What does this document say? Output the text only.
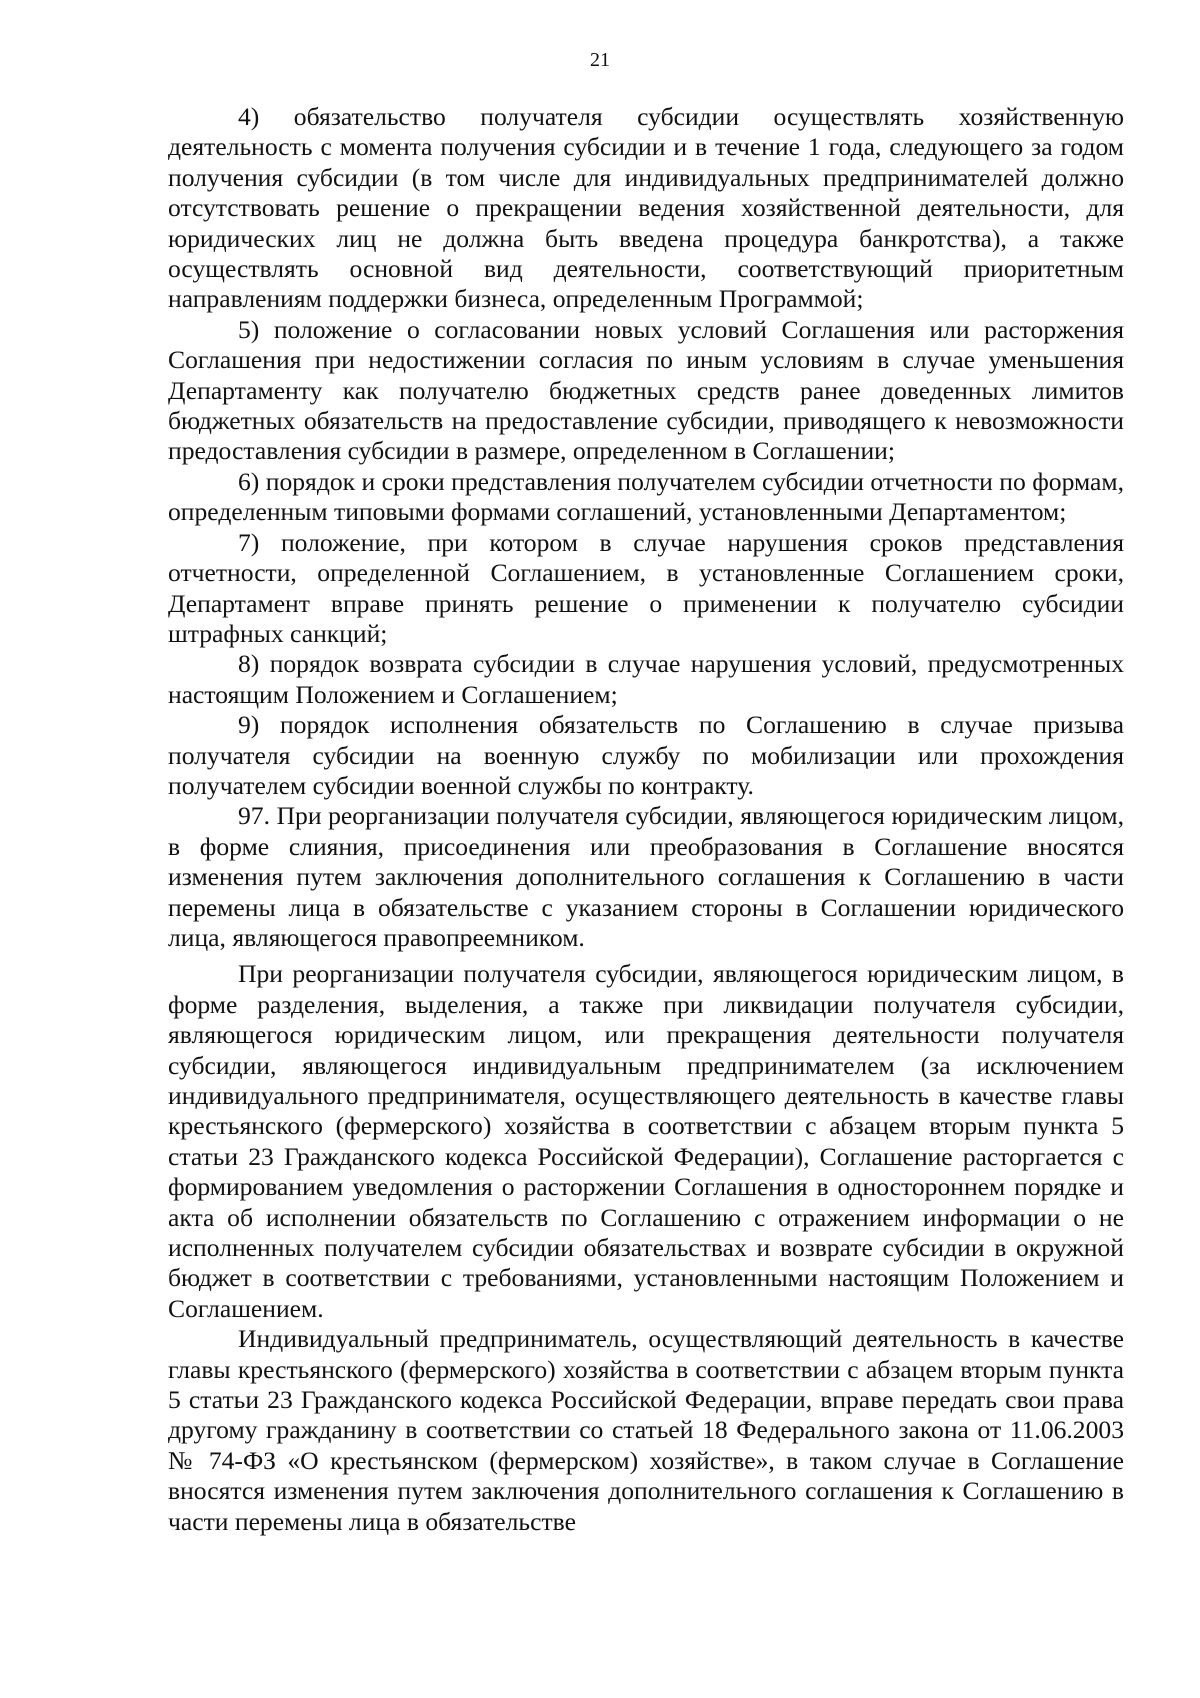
21

4) обязательство получателя субсидии осуществлять хозяйственную деятельность с момента получения субсидии и в течение 1 года, следующего за годом получения субсидии (в том числе для индивидуальных предпринимателей должно отсутствовать решение о прекращении ведения хозяйственной деятельности, для юридических лиц не должна быть введена процедура банкротства), а также осуществлять основной вид деятельности, соответствующий приоритетным направлениям поддержки бизнеса, определенным Программой;

5) положение о согласовании новых условий Соглашения или расторжения Соглашения при недостижении согласия по иным условиям в случае уменьшения Департаменту как получателю бюджетных средств ранее доведенных лимитов бюджетных обязательств на предоставление субсидии, приводящего к невозможности предоставления субсидии в размере, определенном в Соглашении;

6) порядок и сроки представления получателем субсидии отчетности по формам, определенным типовыми формами соглашений, установленными Департаментом;

7) положение, при котором в случае нарушения сроков представления отчетности, определенной Соглашением, в установленные Соглашением сроки, Департамент вправе принять решение о применении к получателю субсидии штрафных санкций;

8) порядок возврата субсидии в случае нарушения условий, предусмотренных настоящим Положением и Соглашением;

9) порядок исполнения обязательств по Соглашению в случае призыва получателя субсидии на военную службу по мобилизации или прохождения получателем субсидии военной службы по контракту.

97. При реорганизации получателя субсидии, являющегося юридическим лицом, в форме слияния, присоединения или преобразования в Соглашение вносятся изменения путем заключения дополнительного соглашения к Соглашению в части перемены лица в обязательстве с указанием стороны в Соглашении юридического лица, являющегося правопреемником.

При реорганизации получателя субсидии, являющегося юридическим лицом, в форме разделения, выделения, а также при ликвидации получателя субсидии, являющегося юридическим лицом, или прекращения деятельности получателя субсидии, являющегося индивидуальным предпринимателем (за исключением индивидуального предпринимателя, осуществляющего деятельность в качестве главы крестьянского (фермерского) хозяйства в соответствии с абзацем вторым пункта 5 статьи 23 Гражданского кодекса Российской Федерации), Соглашение расторгается с формированием уведомления о расторжении Соглашения в одностороннем порядке и акта об исполнении обязательств по Соглашению с отражением информации о не исполненных получателем субсидии обязательствах и возврате субсидии в окружной бюджет в соответствии с требованиями, установленными настоящим Положением и Соглашением.

Индивидуальный предприниматель, осуществляющий деятельность в качестве главы крестьянского (фермерского) хозяйства в соответствии с абзацем вторым пункта 5 статьи 23 Гражданского кодекса Российской Федерации, вправе передать свои права другому гражданину в соответствии со статьей 18 Федерального закона от 11.06.2003 № 74-ФЗ «О крестьянском (фермерском) хозяйстве», в таком случае в Соглашение вносятся изменения путем заключения дополнительного соглашения к Соглашению в части перемены лица в обязательстве
